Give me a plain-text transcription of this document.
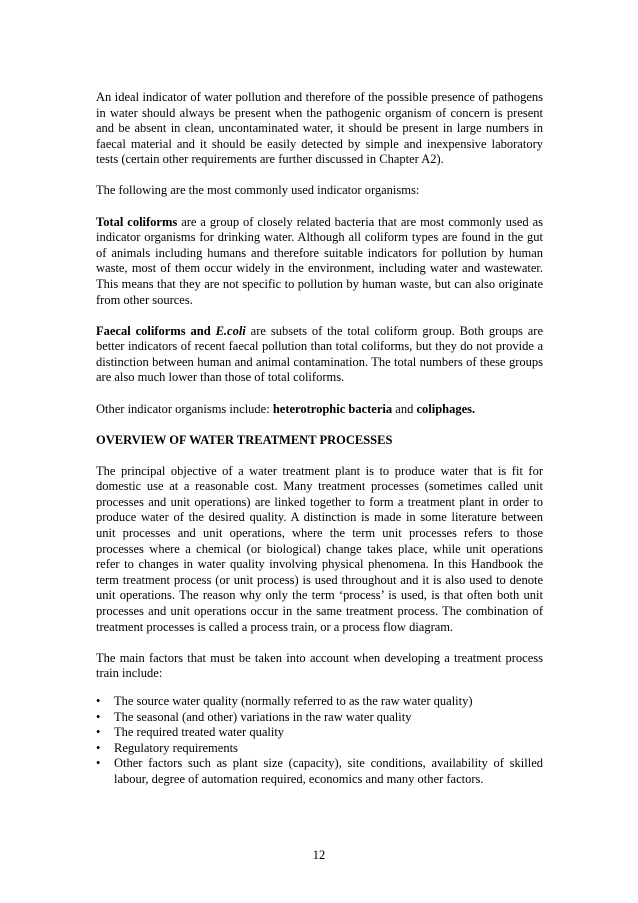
An ideal indicator of water pollution and therefore of the possible presence of pathogens in water should always be present when the pathogenic organism of concern is present and be absent in clean, uncontaminated water, it should be present in large numbers in faecal material and it should be easily detected by simple and inexpensive laboratory tests (certain other requirements are further discussed in Chapter A2).

The following are the most commonly used indicator organisms:

Total coliforms are a group of closely related bacteria that are most commonly used as indicator organisms for drinking water. Although all coliform types are found in the gut of animals including humans and therefore suitable indicators for pollution by human waste, most of them occur widely in the environment, including water and wastewater. This means that they are not specific to pollution by human waste, but can also originate from other sources.

Faecal coliforms and E.coli are subsets of the total coliform group. Both groups are better indicators of recent faecal pollution than total coliforms, but they do not provide a distinction between human and animal contamination. The total numbers of these groups are also much lower than those of total coliforms.

Other indicator organisms include: heterotrophic bacteria and coliphages.

OVERVIEW OF WATER TREATMENT PROCESSES

The principal objective of a water treatment plant is to produce water that is fit for domestic use at a reasonable cost. Many treatment processes (sometimes called unit processes and unit operations) are linked together to form a treatment plant in order to produce water of the desired quality. A distinction is made in some literature between unit processes and unit operations, where the term unit processes refers to those processes where a chemical (or biological) change takes place, while unit operations refer to changes in water quality involving physical phenomena. In this Handbook the term treatment process (or unit process) is used throughout and it is also used to denote unit operations. The reason why only the term ‘process’ is used, is that often both unit processes and unit operations occur in the same treatment process. The combination of treatment processes is called a process train, or a process flow diagram.

The main factors that must be taken into account when developing a treatment process train include:

• The source water quality (normally referred to as the raw water quality)
• The seasonal (and other) variations in the raw water quality
• The required treated water quality
• Regulatory requirements
• Other factors such as plant size (capacity), site conditions, availability of skilled labour, degree of automation required, economics and many other factors.
12
